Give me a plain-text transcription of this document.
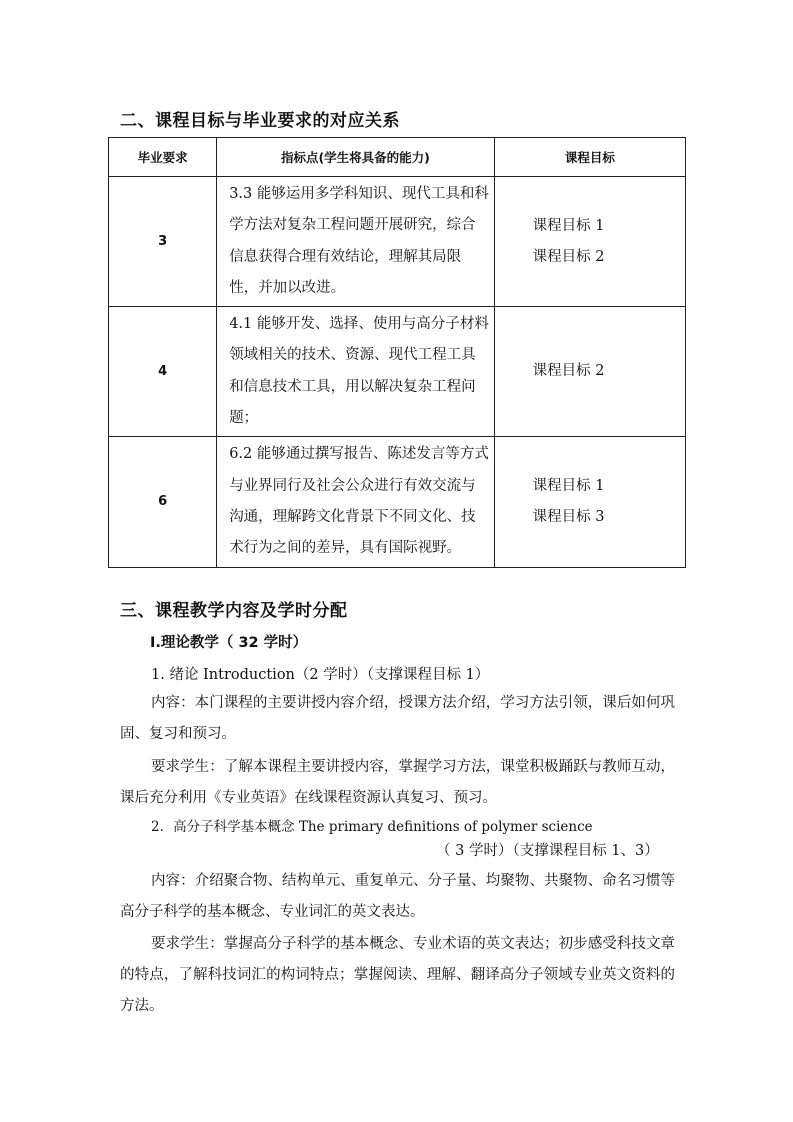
二、课程目标与毕业要求的对应关系
毕业要求	指标点(学生将具备的能力)	课程目标
3	3.3 能够运用多学科知识、现代工具和科学方法对复杂工程问题开展研究，综合信息获得合理有效结论，理解其局限性，并加以改进。	课程目标 1
课程目标 2

4	4.1 能够开发、选择、使用与高分子材料领域相关的技术、资源、现代工程工具和信息技术工具，用以解决复杂工程问题；	课程目标 2

6	6.2 能够通过撰写报告、陈述发言等方式与业界同行及社会公众进行有效交流与沟通，理解跨文化背景下不同文化、技术行为之间的差异，具有国际视野。	课程目标 1
课程目标 3
三、课程教学内容及学时分配
Ⅰ.理论教学（ 32 学时）

1. 绪论 Introduction（2 学时）（支撑课程目标 1）

内容：本门课程的主要讲授内容介绍，授课方法介绍，学习方法引领，课后如何巩固、复习和预习。

要求学生：了解本课程主要讲授内容，掌握学习方法，课堂积极踊跃与教师互动，课后充分利用《专业英语》在线课程资源认真复习、预习。

2．高分子科学基本概念 The primary definitions of polymer science

（ 3 学时）（支撑课程目标 1、3）

内容：介绍聚合物、结构单元、重复单元、分子量、均聚物、共聚物、命名习惯等高分子科学的基本概念、专业词汇的英文表达。

要求学生：掌握高分子科学的基本概念、专业术语的英文表达；初步感受科技文章的特点，了解科技词汇的构词特点；掌握阅读、理解、翻译高分子领域专业英文资料的方法。
